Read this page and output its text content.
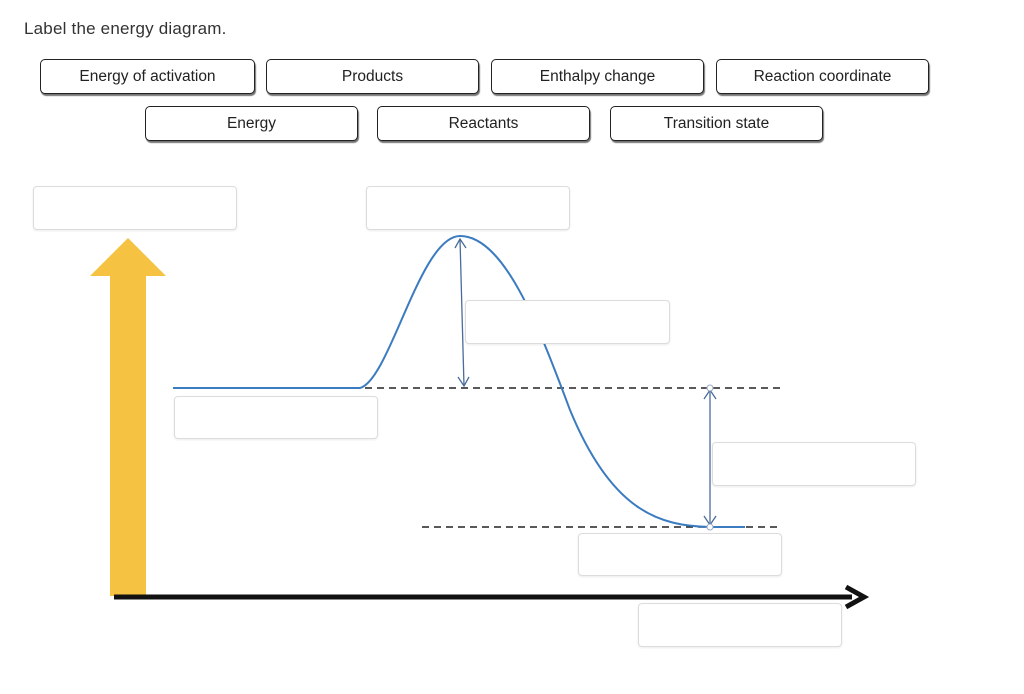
Label the energy diagram.
Energy of activation	Products	Enthalpy change	Reaction coordinate
Energy	Reactants	Transition state
